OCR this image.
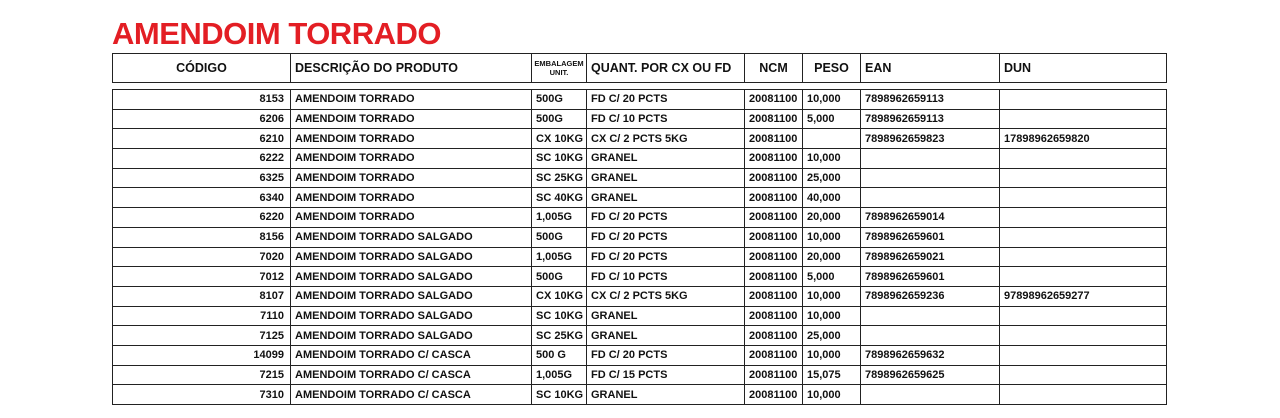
AMENDOIM TORRADO
CÓDIGO	DESCRIÇÃO DO PRODUTO	EMBALAGEM UNIT.	QUANT. POR CX OU FD	NCM	PESO	EAN	DUN
8153	AMENDOIM TORRADO	500G	FD C/ 20 PCTS	20081100	10,000	7898962659113	
6206	AMENDOIM TORRADO	500G	FD C/ 10 PCTS	20081100	5,000	7898962659113	
6210	AMENDOIM TORRADO	CX 10KG	CX C/ 2 PCTS 5KG	20081100		7898962659823	17898962659820
6222	AMENDOIM TORRADO	SC 10KG	GRANEL	20081100	10,000		
6325	AMENDOIM TORRADO	SC 25KG	GRANEL	20081100	25,000		
6340	AMENDOIM TORRADO	SC 40KG	GRANEL	20081100	40,000		
6220	AMENDOIM TORRADO	1,005G	FD C/ 20 PCTS	20081100	20,000	7898962659014	
8156	AMENDOIM TORRADO SALGADO	500G	FD C/ 20 PCTS	20081100	10,000	7898962659601	
7020	AMENDOIM TORRADO SALGADO	1,005G	FD C/ 20 PCTS	20081100	20,000	7898962659021	
7012	AMENDOIM TORRADO SALGADO	500G	FD C/ 10 PCTS	20081100	5,000	7898962659601	
8107	AMENDOIM TORRADO SALGADO	CX 10KG	CX C/ 2 PCTS 5KG	20081100	10,000	7898962659236	97898962659277
7110	AMENDOIM TORRADO SALGADO	SC 10KG	GRANEL	20081100	10,000		
7125	AMENDOIM TORRADO SALGADO	SC 25KG	GRANEL	20081100	25,000		
14099	AMENDOIM TORRADO C/ CASCA	500 G	FD C/ 20 PCTS	20081100	10,000	7898962659632	
7215	AMENDOIM TORRADO C/ CASCA	1,005G	FD C/ 15 PCTS	20081100	15,075	7898962659625	
7310	AMENDOIM TORRADO C/ CASCA	SC 10KG	GRANEL	20081100	10,000		
